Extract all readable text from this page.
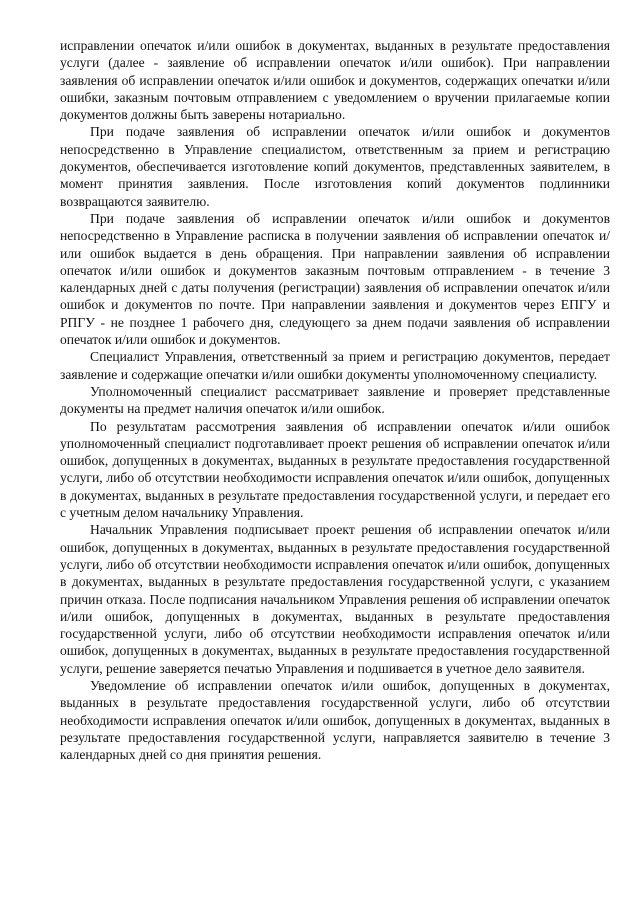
исправлении опечаток и/или ошибок в документах, выданных в результате предоставления услуги (далее - заявление об исправлении опечаток и/или ошибок). При направлении заявления об исправлении опечаток и/или ошибок и документов, содержащих опечатки и/или ошибки, заказным почтовым отправлением с уведомлением о вручении прилагаемые копии документов должны быть заверены нотариально.

При подаче заявления об исправлении опечаток и/или ошибок и документов непосредственно в Управление специалистом, ответственным за прием и регистрацию документов, обеспечивается изготовление копий документов, представленных заявителем, в момент принятия заявления. После изготовления копий документов подлинники возвращаются заявителю.

При подаче заявления об исправлении опечаток и/или ошибок и документов непосредственно в Управление расписка в получении заявления об исправлении опечаток и/или ошибок выдается в день обращения. При направлении заявления об исправлении опечаток и/или ошибок и документов заказным почтовым отправлением - в течение 3 календарных дней с даты получения (регистрации) заявления об исправлении опечаток и/или ошибок и документов по почте. При направлении заявления и документов через ЕПГУ и РПГУ - не позднее 1 рабочего дня, следующего за днем подачи заявления об исправлении опечаток и/или ошибок и документов.

Специалист Управления, ответственный за прием и регистрацию документов, передает заявление и содержащие опечатки и/или ошибки документы уполномоченному специалисту.

Уполномоченный специалист рассматривает заявление и проверяет представленные документы на предмет наличия опечаток и/или ошибок.

По результатам рассмотрения заявления об исправлении опечаток и/или ошибок уполномоченный специалист подготавливает проект решения об исправлении опечаток и/или ошибок, допущенных в документах, выданных в результате предоставления государственной услуги, либо об отсутствии необходимости исправления опечаток и/или ошибок, допущенных в документах, выданных в результате предоставления государственной услуги, и передает его с учетным делом начальнику Управления.

Начальник Управления подписывает проект решения об исправлении опечаток и/или ошибок, допущенных в документах, выданных в результате предоставления государственной услуги, либо об отсутствии необходимости исправления опечаток и/или ошибок, допущенных в документах, выданных в результате предоставления государственной услуги, с указанием причин отказа. После подписания начальником Управления решения об исправлении опечаток и/или ошибок, допущенных в документах, выданных в результате предоставления государственной услуги, либо об отсутствии необходимости исправления опечаток и/или ошибок, допущенных в документах, выданных в результате предоставления государственной услуги, решение заверяется печатью Управления и подшивается в учетное дело заявителя.

Уведомление об исправлении опечаток и/или ошибок, допущенных в документах, выданных в результате предоставления государственной услуги, либо об отсутствии необходимости исправления опечаток и/или ошибок, допущенных в документах, выданных в результате предоставления государственной услуги, направляется заявителю в течение 3 календарных дней со дня принятия решения.
